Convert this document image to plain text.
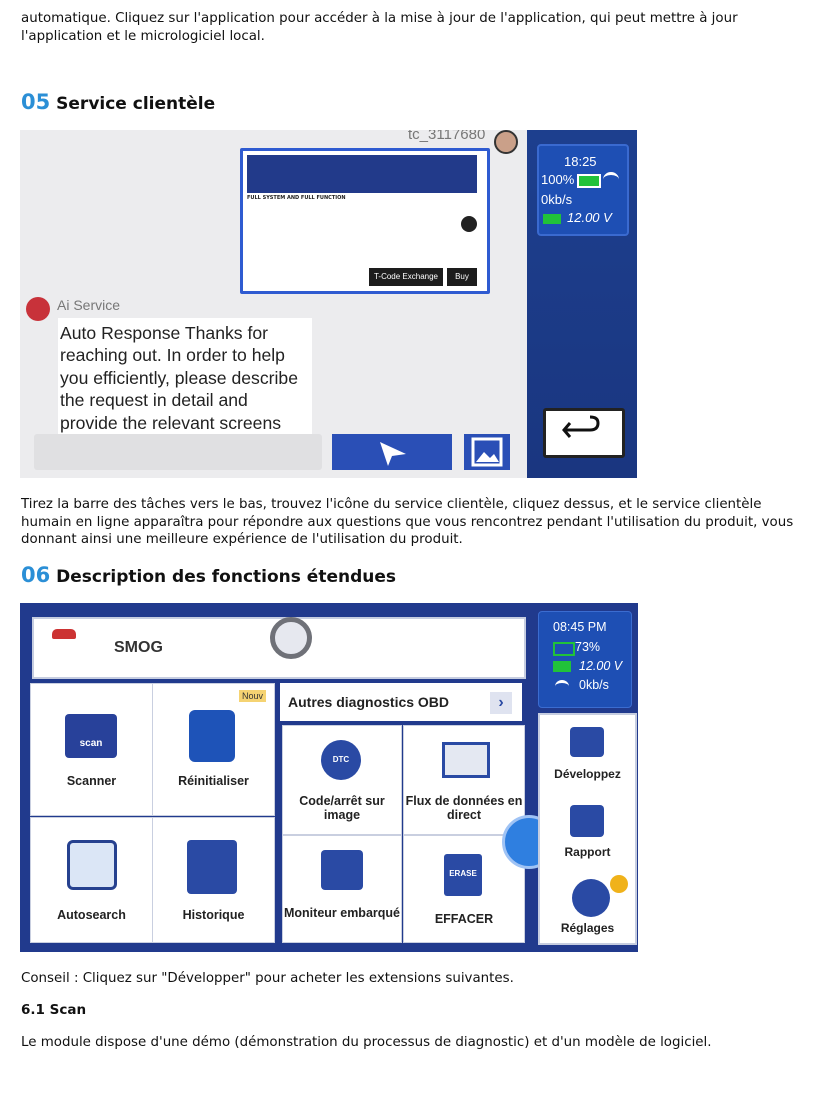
automatique. Cliquez sur l'application pour accéder à la mise à jour de l'application, qui peut mettre à jour l'application et le micrologiciel local.

05 Service clientèle
tc_3117680
FULL SYSTEM AND FULL FUNCTION
T-Code Exchange	Buy
Ai Service
Auto Response Thanks for reaching out. In order to help you efficiently, please describe the request in detail and provide the relevant screens
18:25
100%
0kb/s
12.00 V

Tirez la barre des tâches vers le bas, trouvez l'icône du service clientèle, cliquez dessus, et le service clientèle humain en ligne apparaîtra pour répondre aux questions que vous rencontrez pendant l'utilisation du produit, vous donnant ainsi une meilleure expérience de l'utilisation du produit.

06 Description des fonctions étendues
SMOG
08:45 PM
73%
12.00 V
0kb/s
scan
Scanner
Nouv
Réinitialiser
Autosearch	Historique
Autres diagnostics OBD	›
DTC
Code/arrêt sur image
Flux de données en direct
Moniteur embarqué
ERASE
EFFACER
Développez
Rapport
Réglages

Conseil : Cliquez sur "Développer" pour acheter les extensions suivantes.

6.1 Scan

Le module dispose d'une démo (démonstration du processus de diagnostic) et d'un modèle de logiciel.
